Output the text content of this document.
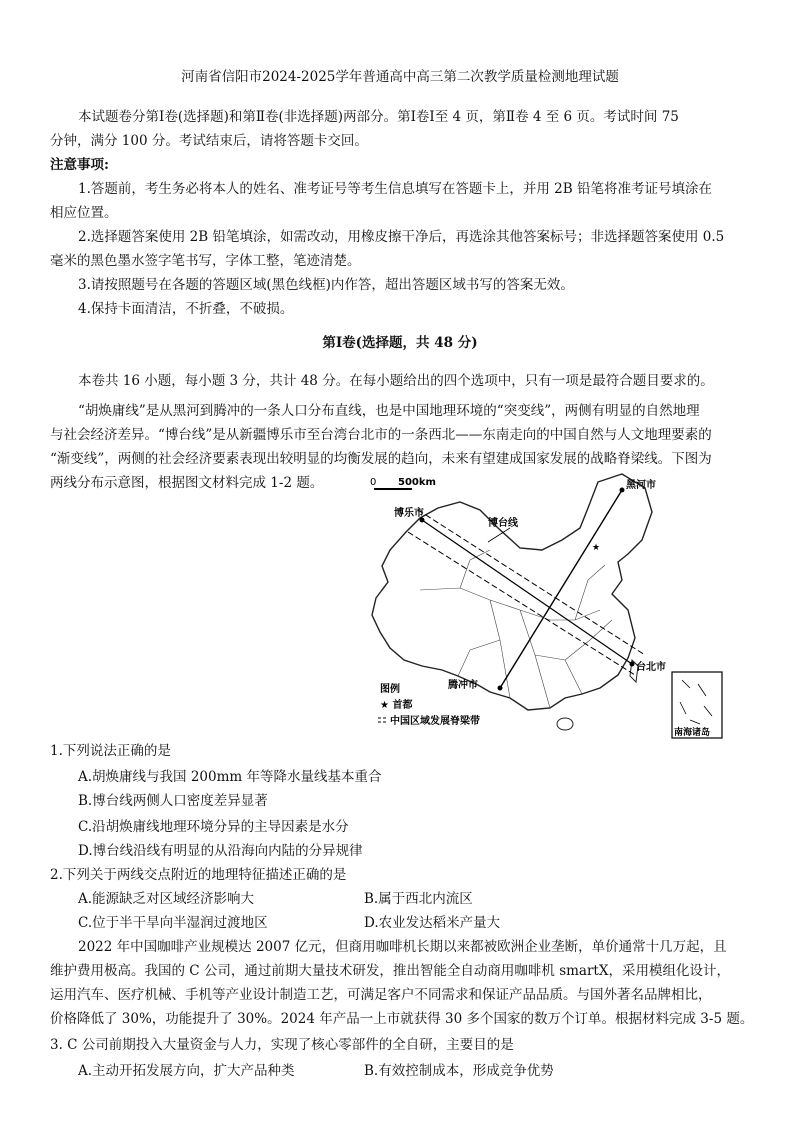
河南省信阳市2024-2025学年普通高中高三第二次教学质量检测地理试题
本试题卷分第Ⅰ卷(选择题)和第Ⅱ卷(非选择题)两部分。第Ⅰ卷Ⅰ至 4 页，第Ⅱ卷 4 至 6 页。考试时间 75
分钟，满分 100 分。考试结束后，请将答题卡交回。
注意事项:
1.答题前，考生务必将本人的姓名、准考证号等考生信息填写在答题卡上，并用 2B 铅笔将准考证号填涂在
相应位置。
2.选择题答案使用 2B 铅笔填涂，如需改动，用橡皮擦干净后，再选涂其他答案标号；非选择题答案使用 0.5
毫米的黑色墨水签字笔书写，字体工整，笔迹清楚。
3.请按照题号在各题的答题区域(黑色线框)内作答，超出答题区域书写的答案无效。
4.保持卡面清洁，不折叠，不破损。
第Ⅰ卷(选择题，共 48 分)
本卷共 16 小题，每小题 3 分，共计 48 分。在每小题给出的四个选项中，只有一项是最符合题目要求的。
“胡焕庸线”是从黑河到腾冲的一条人口分布直线，也是中国地理环境的“突变线”，两侧有明显的自然地理
与社会经济差异。“博台线”是从新疆博乐市至台湾台北市的一条西北——东南走向的中国自然与人文地理要素的
“渐变线”，两侧的社会经济要素表现出较明显的均衡发展的趋向，未来有望建成国家发展的战略脊梁线。下图为
两线分布示意图，根据图文材料完成 1-2 题。	0 500km
★
黑河市
博乐市
博台线
台北市
腾冲市
图例
★ 首都
中国区域发展脊梁带
南海诸岛
1.下列说法正确的是
A.胡焕庸线与我国 200mm 年等降水量线基本重合
B.博台线两侧人口密度差异显著
C.沿胡焕庸线地理环境分异的主导因素是水分
D.博台线沿线有明显的从沿海向内陆的分异规律
2.下列关于两线交点附近的地理特征描述正确的是
A.能源缺乏对区域经济影响大	B.属于西北内流区
C.位于半干旱向半湿润过渡地区	D.农业发达稻米产量大
2022 年中国咖啡产业规模达 2007 亿元，但商用咖啡机长期以来都被欧洲企业垄断，单价通常十几万起，且
维护费用极高。我国的 C 公司，通过前期大量技术研发，推出智能全自动商用咖啡机 smartX，采用模组化设计，
运用汽车、医疗机械、手机等产业设计制造工艺，可满足客户不同需求和保证产品品质。与国外著名品牌相比，
价格降低了 30%，功能提升了 30%。2024 年产品一上市就获得 30 多个国家的数万个订单。根据材料完成 3-5 题。
3. C 公司前期投入大量资金与人力，实现了核心零部件的全自研，主要目的是
A.主动开拓发展方向，扩大产品种类	B.有效控制成本，形成竞争优势
